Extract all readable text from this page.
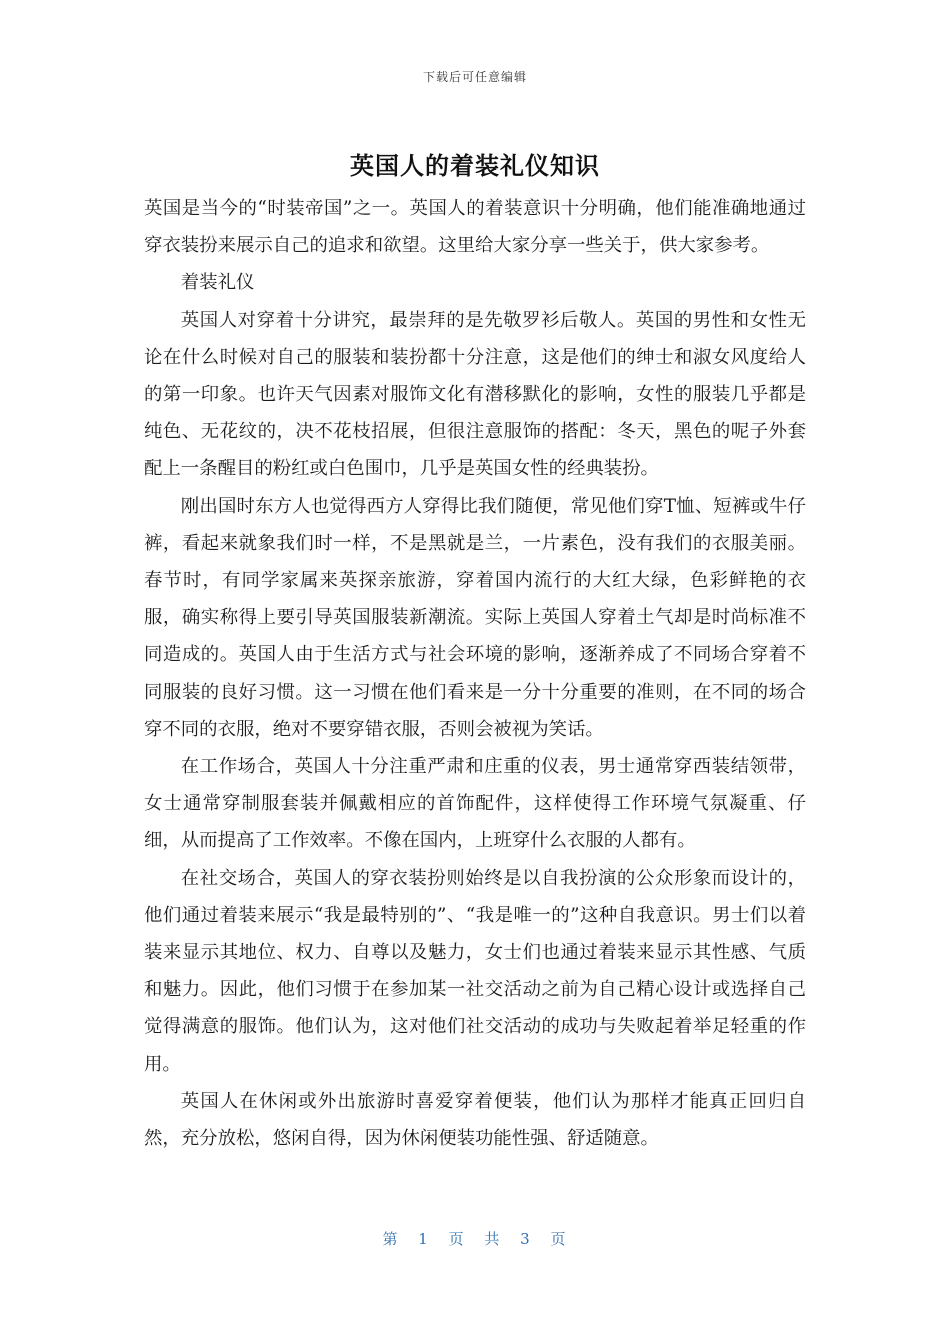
下载后可任意编辑
英国人的着装礼仪知识

英国是当今的“时装帝国”之一。英国人的着装意识十分明确，他们能准确地通过穿衣装扮来展示自己的追求和欲望。这里给大家分享一些关于，供大家参考。

着装礼仪

英国人对穿着十分讲究，最崇拜的是先敬罗衫后敬人。英国的男性和女性无论在什么时候对自己的服装和装扮都十分注意，这是他们的绅士和淑女风度给人的第一印象。也许天气因素对服饰文化有潜移默化的影响，女性的服装几乎都是纯色、无花纹的，决不花枝招展，但很注意服饰的搭配：冬天，黑色的呢子外套配上一条醒目的粉红或白色围巾，几乎是英国女性的经典装扮。

刚出国时东方人也觉得西方人穿得比我们随便，常见他们穿T恤、短裤或牛仔裤，看起来就象我们时一样，不是黑就是兰，一片素色，没有我们的衣服美丽。春节时，有同学家属来英探亲旅游，穿着国内流行的大红大绿，色彩鲜艳的衣服，确实称得上要引导英国服装新潮流。实际上英国人穿着土气却是时尚标准不同造成的。英国人由于生活方式与社会环境的影响，逐渐养成了不同场合穿着不同服装的良好习惯。这一习惯在他们看来是一分十分重要的准则，在不同的场合穿不同的衣服，绝对不要穿错衣服，否则会被视为笑话。

在工作场合，英国人十分注重严肃和庄重的仪表，男士通常穿西装结领带，女士通常穿制服套装并佩戴相应的首饰配件，这样使得工作环境气氛凝重、仔细，从而提高了工作效率。不像在国内，上班穿什么衣服的人都有。

在社交场合，英国人的穿衣装扮则始终是以自我扮演的公众形象而设计的，他们通过着装来展示“我是最特别的”、“我是唯一的”这种自我意识。男士们以着装来显示其地位、权力、自尊以及魅力，女士们也通过着装来显示其性感、气质和魅力。因此，他们习惯于在参加某一社交活动之前为自己精心设计或选择自己觉得满意的服饰。他们认为，这对他们社交活动的成功与失败起着举足轻重的作用。

英国人在休闲或外出旅游时喜爱穿着便装，他们认为那样才能真正回归自然，充分放松，悠闲自得，因为休闲便装功能性强、舒适随意。

第 1 页 共 3 页
